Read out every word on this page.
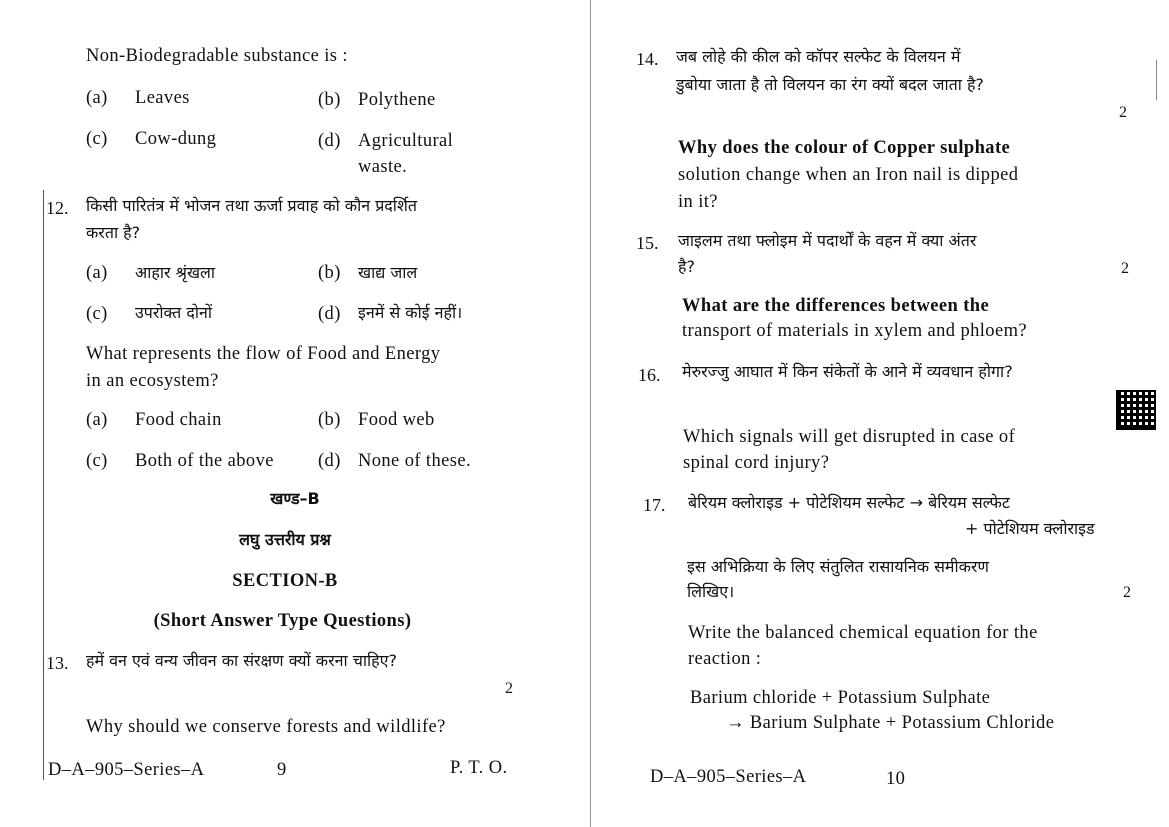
Non-Biodegradable substance is :
(a) Leaves	(b) Polythene
(c) Cow-dung	(d) Agricultural
waste.
12. किसी पारितंत्र में भोजन तथा ऊर्जा प्रवाह को कौन प्रदर्शित
करता है?
(a) आहार श्रृंखला	(b) खाद्य जाल
(c) उपरोक्त दोनों	(d) इनमें से कोई नहीं।
What represents the flow of Food and Energy
in an ecosystem?
(a) Food chain	(b) Food web
(c) Both of the above (d) None of these.
खण्ड–B
लघु उत्तरीय प्रश्न
SECTION-B
(Short Answer Type Questions)
13. हमें वन एवं वन्य जीवन का संरक्षण क्यों करना चाहिए?
2
Why should we conserve forests and wildlife?
D–A–905–Series–A	9	P. T. O.
14. जब लोहे की कील को कॉपर सल्फेट के विलयन में
डुबोया जाता है तो विलयन का रंग क्यों बदल जाता है?
2
Why does the colour of Copper sulphate
solution change when an Iron nail is dipped
in it?
15. जाइलम तथा फ्लोइम में पदार्थों के वहन में क्या अंतर
है?	2
What are the differences between the
transport of materials in xylem and phloem?
16. मेरुरज्जु आघात में किन संकेतों के आने में व्यवधान होगा?
Which signals will get disrupted in case of
spinal cord injury?
17. बेरियम क्लोराइड + पोटेशियम सल्फेट → बेरियम सल्फेट
+ पोटेशियम क्लोराइड
इस अभिक्रिया के लिए संतुलित रासायनिक समीकरण
लिखिए।	2
Write the balanced chemical equation for the
reaction :
Barium chloride + Potassium Sulphate
→ Barium Sulphate + Potassium Chloride
D–A–905–Series–A	10
